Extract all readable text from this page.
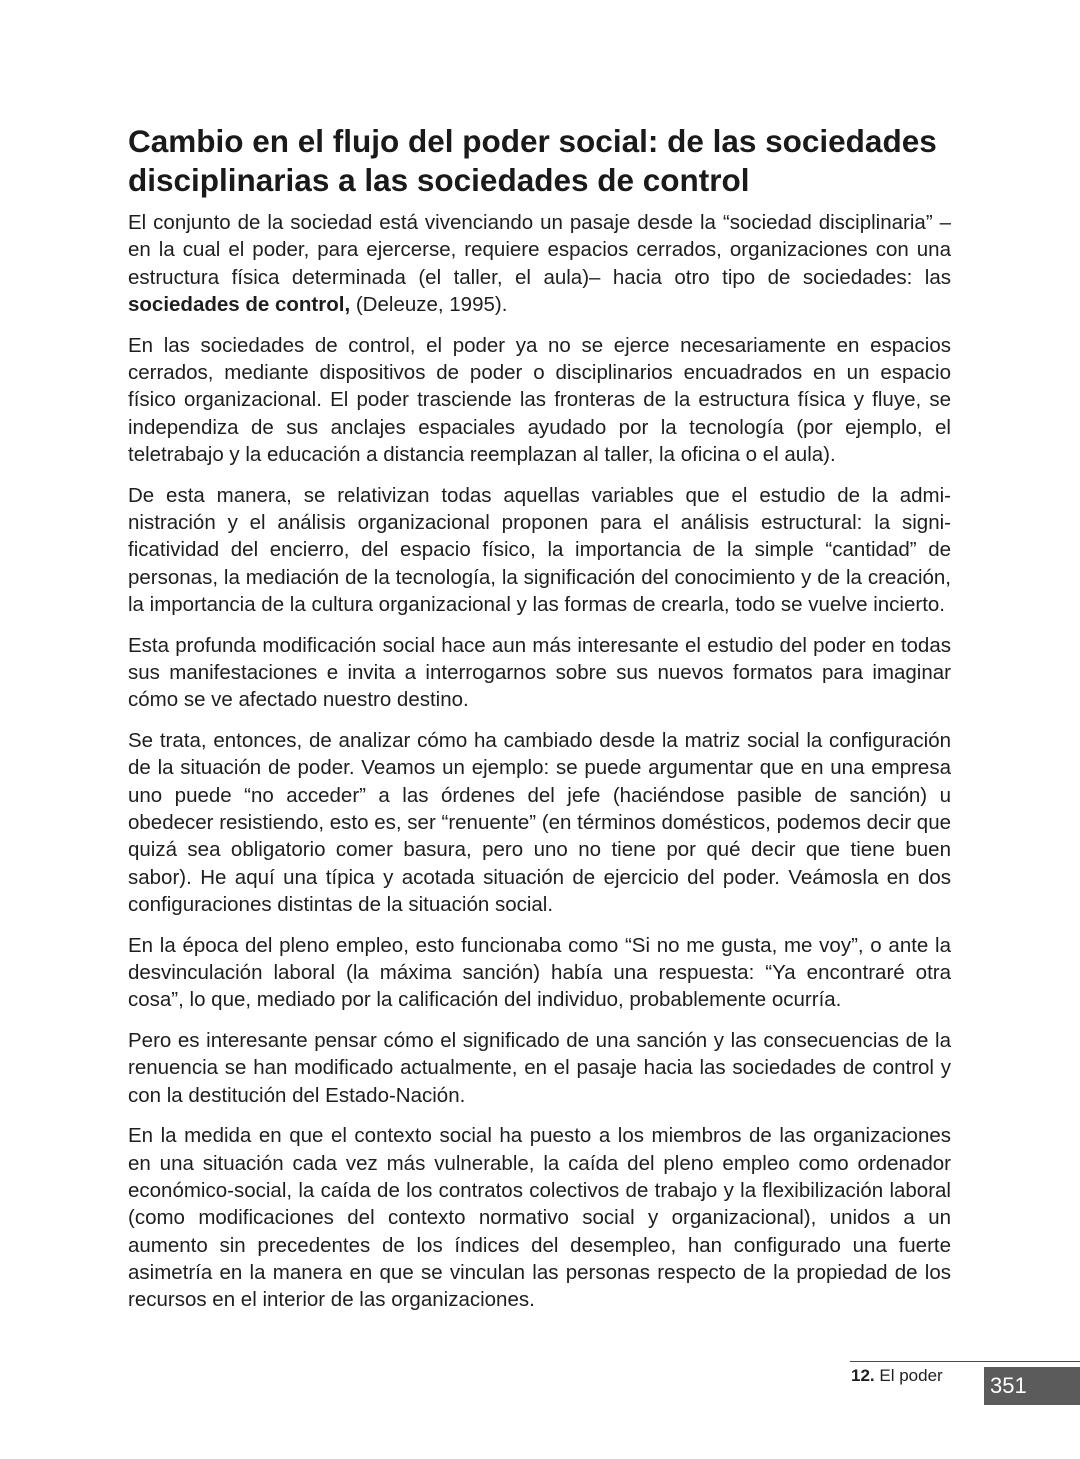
Cambio en el flujo del poder social: de las sociedades disciplinarias a las sociedades de control

El conjunto de la sociedad está vivenciando un pasaje desde la “sociedad disciplinaria” –en la cual el poder, para ejercerse, requiere espacios cerrados, organizaciones con una estructura física determinada (el taller, el aula)– hacia otro tipo de sociedades: las sociedades de control, (Deleuze, 1995).

En las sociedades de control, el poder ya no se ejerce necesariamente en espacios cerrados, mediante dispositivos de poder o disciplinarios encuadrados en un espacio físico organizacional. El poder trasciende las fronteras de la estructura física y fluye, se independiza de sus anclajes espaciales ayudado por la tecnología (por ejemplo, el teletrabajo y la educación a distancia reemplazan al taller, la oficina o el aula).

De esta manera, se relativizan todas aquellas variables que el estudio de la administración y el análisis organizacional proponen para el análisis estructural: la significatividad del encierro, del espacio físico, la importancia de la simple “cantidad” de personas, la mediación de la tecnología, la significación del conocimiento y de la creación, la importancia de la cultura organizacional y las formas de crearla, todo se vuelve incierto.

Esta profunda modificación social hace aun más interesante el estudio del poder en todas sus manifestaciones e invita a interrogarnos sobre sus nuevos formatos para imaginar cómo se ve afectado nuestro destino.

Se trata, entonces, de analizar cómo ha cambiado desde la matriz social la configuración de la situación de poder. Veamos un ejemplo: se puede argumentar que en una empresa uno puede “no acceder” a las órdenes del jefe (haciéndose pasible de sanción) u obedecer resistiendo, esto es, ser “renuente” (en términos domésticos, podemos decir que quizá sea obligatorio comer basura, pero uno no tiene por qué decir que tiene buen sabor). He aquí una típica y acotada situación de ejercicio del poder. Veámosla en dos configuraciones distintas de la situación social.

En la época del pleno empleo, esto funcionaba como “Si no me gusta, me voy”, o ante la desvinculación laboral (la máxima sanción) había una respuesta: “Ya encontraré otra cosa”, lo que, mediado por la calificación del individuo, probablemente ocurría.

Pero es interesante pensar cómo el significado de una sanción y las consecuencias de la renuencia se han modificado actualmente, en el pasaje hacia las sociedades de control y con la destitución del Estado-Nación.

En la medida en que el contexto social ha puesto a los miembros de las organizaciones en una situación cada vez más vulnerable, la caída del pleno empleo como ordenador económico-social, la caída de los contratos colectivos de trabajo y la flexibilización laboral (como modificaciones del contexto normativo social y organizacional), unidos a un aumento sin precedentes de los índices del desempleo, han configurado una fuerte asimetría en la manera en que se vinculan las personas respecto de la propiedad de los recursos en el interior de las organizaciones.

12. El poder 351
